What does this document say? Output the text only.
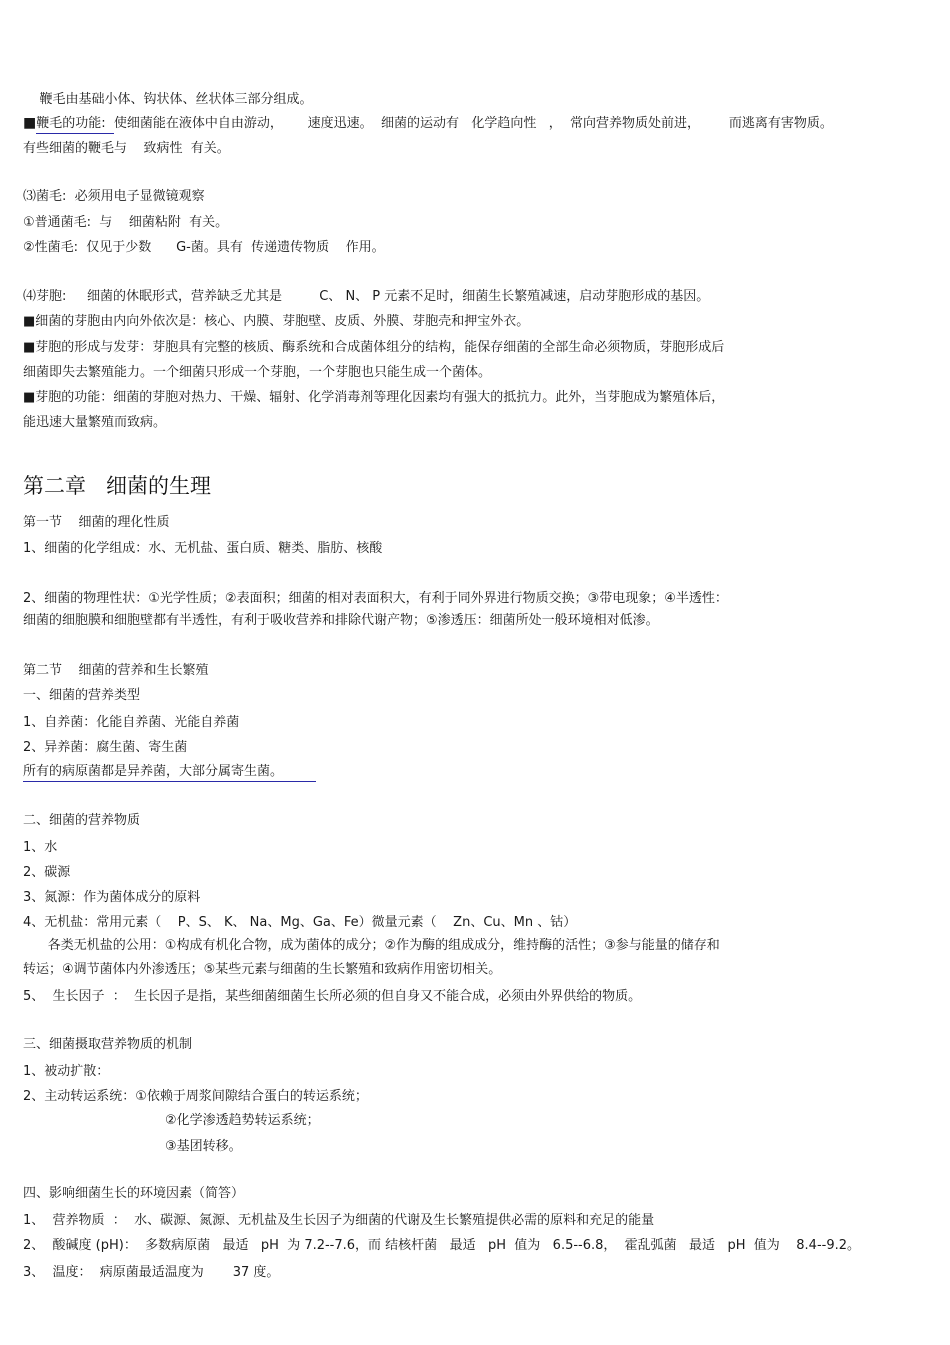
鞭毛由基础小体、钩状体、丝状体三部分组成。
■鞭毛的功能:  使细菌能在液体中自由游动，      速度迅速。  细菌的运动有   化学趋向性   ，  常向营养物质处前进，       而逃离有害物质。
有些细菌的鞭毛与    致病性  有关。
⑶菌毛:  必须用电子显微镜观察
①普通菌毛:  与    细菌粘附  有关。
②性菌毛:  仅见于少数      G-菌。具有  传递遗传物质    作用。
⑷芽胞:     细菌的休眠形式，营养缺乏尤其是         C、 N、 P 元素不足时，细菌生长繁殖减速，启动芽胞形成的基因。
■细菌的芽胞由内向外依次是：核心、内膜、芽胞壁、皮质、外膜、芽胞壳和押宝外衣。
■芽胞的形成与发芽：芽胞具有完整的核质、酶系统和合成菌体组分的结构，能保存细菌的全部生命必须物质，芽胞形成后
细菌即失去繁殖能力。一个细菌只形成一个芽胞，一个芽胞也只能生成一个菌体。
■芽胞的功能：细菌的芽胞对热力、干燥、辐射、化学消毒剂等理化因素均有强大的抵抗力。此外，当芽胞成为繁殖体后，
能迅速大量繁殖而致病。
第二章   细菌的生理
第一节    细菌的理化性质
1、细菌的化学组成：水、无机盐、蛋白质、糖类、脂肪、核酸
2、细菌的物理性状：①光学性质；②表面积；细菌的相对表面积大，有利于同外界进行物质交换；③带电现象；④半透性：
细菌的细胞膜和细胞壁都有半透性，有利于吸收营养和排除代谢产物；⑤渗透压：细菌所处一般环境相对低渗。
第二节    细菌的营养和生长繁殖
一、细菌的营养类型
1、自养菌：化能自养菌、光能自养菌
2、异养菌：腐生菌、寄生菌
所有的病原菌都是异养菌，大部分属寄生菌。
二、细菌的营养物质
1、水
2、碳源
3、氮源：作为菌体成分的原料
4、无机盐：常用元素（    P、S、 K、 Na、Mg、Ga、Fe）微量元素（    Zn、Cu、Mn 、钴）
各类无机盐的公用：①构成有机化合物，成为菌体的成分；②作为酶的组成成分，维持酶的活性；③参与能量的储存和
转运；④调节菌体内外渗透压；⑤某些元素与细菌的生长繁殖和致病作用密切相关。
5、  生长因子  ：  生长因子是指，某些细菌细菌生长所必须的但自身又不能合成，必须由外界供给的物质。
三、细菌摄取营养物质的机制
1、被动扩散：
2、主动转运系统：①依赖于周浆间隙结合蛋白的转运系统；
②化学渗透趋势转运系统；
③基团转移。
四、影响细菌生长的环境因素（简答）
1、  营养物质  ：  水、碳源、氮源、无机盐及生长因子为细菌的代谢及生长繁殖提供必需的原料和充足的能量
2、  酸碱度 (pH)：  多数病原菌   最适   pH  为 7.2--7.6，而 结核杆菌   最适   pH  值为   6.5--6.8，  霍乱弧菌   最适   pH  值为    8.4--9.2。
3、  温度：  病原菌最适温度为       37 度。
